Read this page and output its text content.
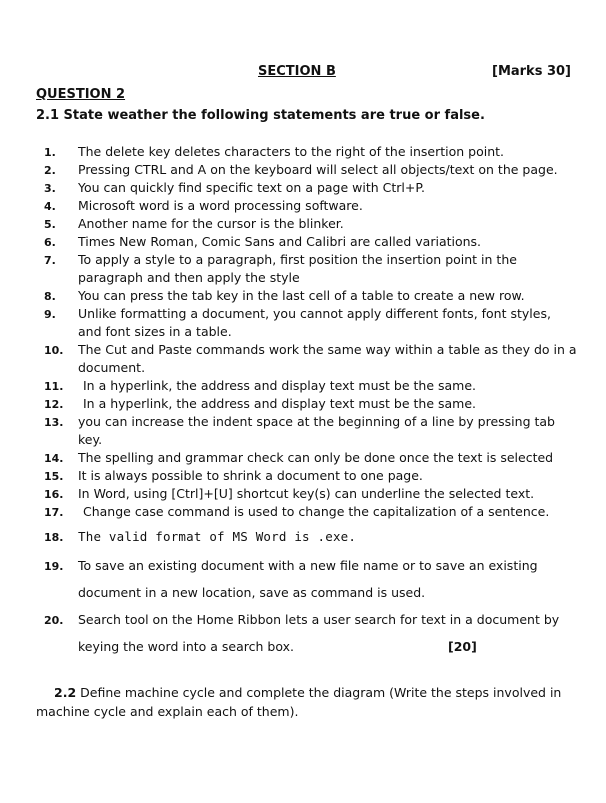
SECTION B	[Marks 30]
QUESTION 2
2.1 State weather the following statements are true or false.
1.	The delete key deletes characters to the right of the insertion point.
2.	Pressing CTRL and A on the keyboard will select all objects/text on the page.
3.	You can quickly find specific text on a page with Ctrl+P.
4.	Microsoft word is a word processing software.
5.	Another name for the cursor is the blinker.
6.	Times New Roman, Comic Sans and Calibri are called variations.
7.	To apply a style to a paragraph, first position the insertion point in the paragraph and then apply the style
8.	You can press the tab key in the last cell of a table to create a new row.
9.	Unlike formatting a document, you cannot apply different fonts, font styles, and font sizes in a table.
10.	The Cut and Paste commands work the same way within a table as they do in a document.
11.	In a hyperlink, the address and display text must be the same.
12.	In a hyperlink, the address and display text must be the same.
13.	you can increase the indent space at the beginning of a line by pressing tab key.
14.	The spelling and grammar check can only be done once the text is selected
15.	It is always possible to shrink a document to one page.
16.	In Word, using [Ctrl]+[U] shortcut key(s) can underline the selected text.
17.	Change case command is used to change the capitalization of a sentence.
18.	The valid format of MS Word is .exe.
19.	To save an existing document with a new file name or to save an existing document in a new location, save as command is used.
20.	Search tool on the Home Ribbon lets a user search for text in a document by keying the word into a search box.	[20]
2.2 Define machine cycle and complete the diagram (Write the steps involved in machine cycle and explain each of them).
